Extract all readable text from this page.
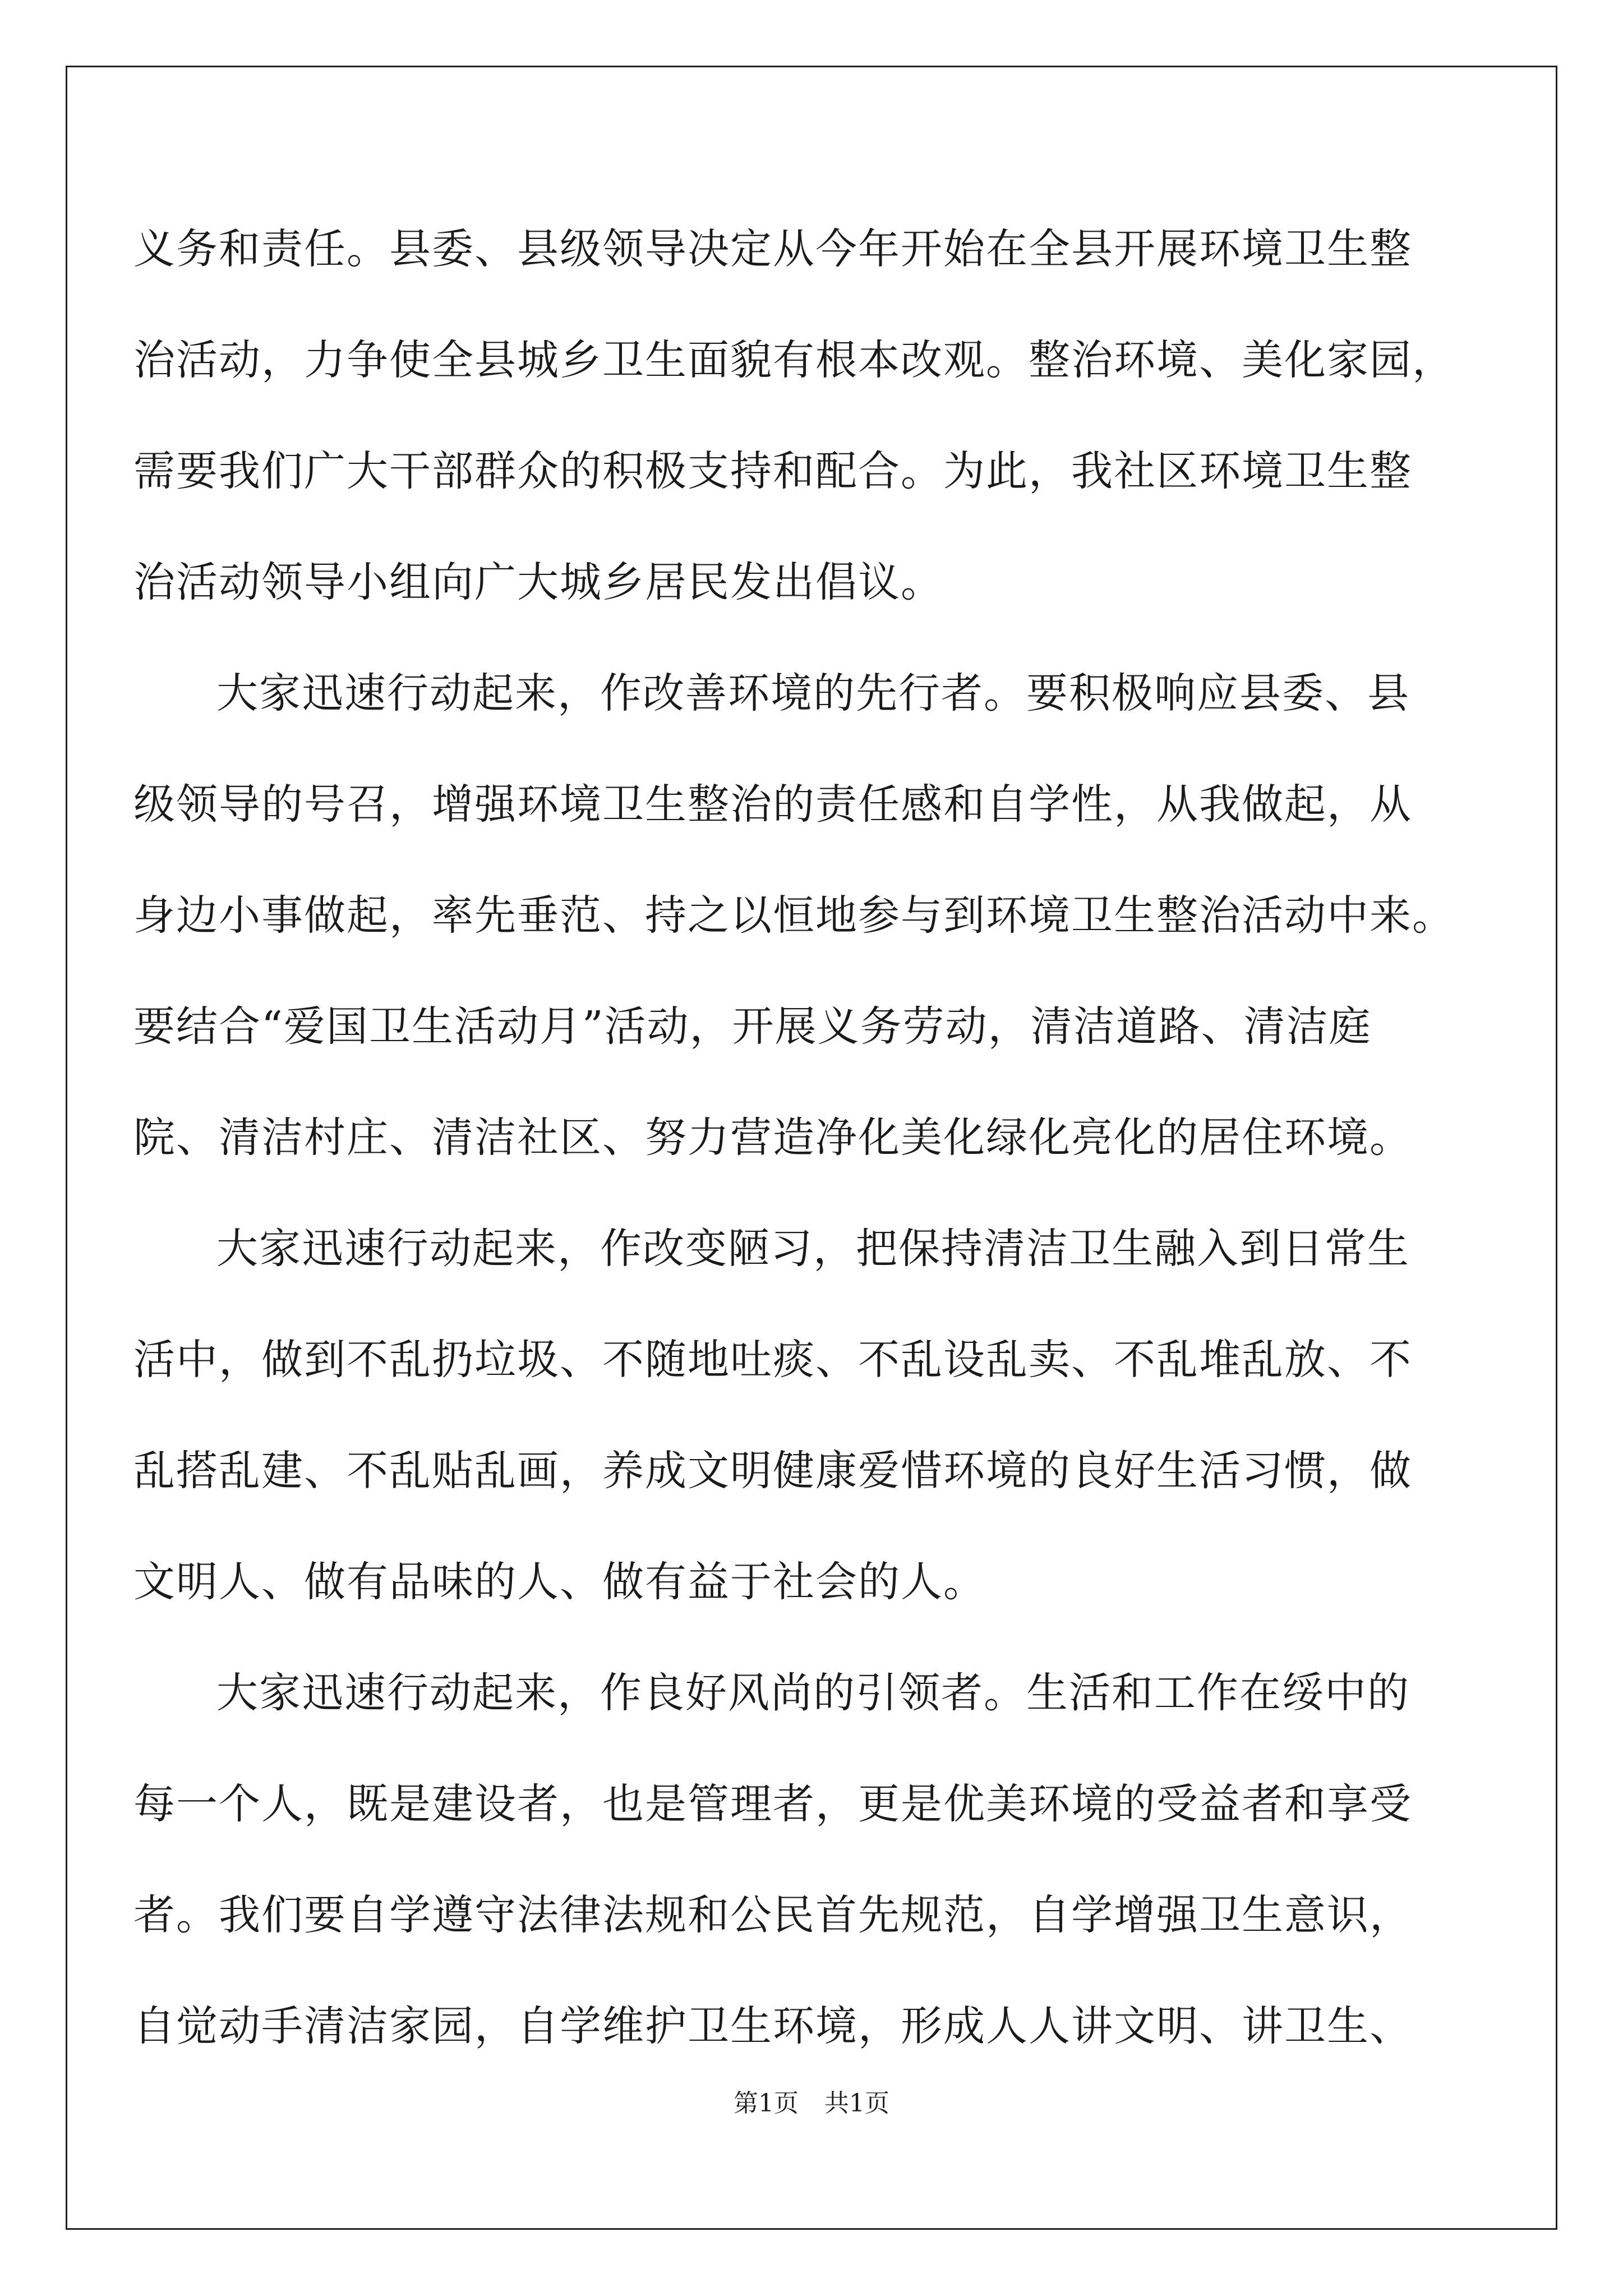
义务和责任。县委、县级领导决定从今年开始在全县开展环境卫生整
治活动，力争使全县城乡卫生面貌有根本改观。整治环境、美化家园，
需要我们广大干部群众的积极支持和配合。为此，我社区环境卫生整
治活动领导小组向广大城乡居民发出倡议。
大家迅速行动起来，作改善环境的先行者。要积极响应县委、县
级领导的号召，增强环境卫生整治的责任感和自学性，从我做起，从
身边小事做起，率先垂范、持之以恒地参与到环境卫生整治活动中来。
要结合“爱国卫生活动月”活动，开展义务劳动，清洁道路、清洁庭
院、清洁村庄、清洁社区、努力营造净化美化绿化亮化的居住环境。
大家迅速行动起来，作改变陋习，把保持清洁卫生融入到日常生
活中，做到不乱扔垃圾、不随地吐痰、不乱设乱卖、不乱堆乱放、不
乱搭乱建、不乱贴乱画，养成文明健康爱惜环境的良好生活习惯，做
文明人、做有品味的人、做有益于社会的人。
大家迅速行动起来，作良好风尚的引领者。生活和工作在绥中的
每一个人，既是建设者，也是管理者，更是优美环境的受益者和享受
者。我们要自学遵守法律法规和公民首先规范，自学增强卫生意识，
自觉动手清洁家园，自学维护卫生环境，形成人人讲文明、讲卫生、
第1页 共1页
